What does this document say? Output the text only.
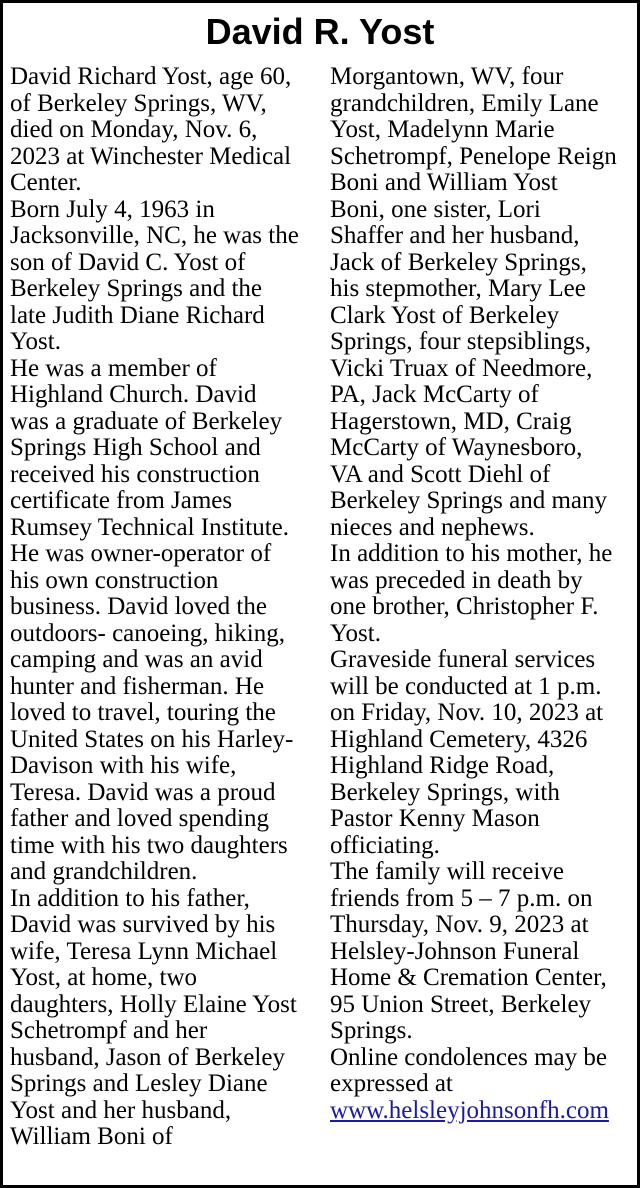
David R. Yost
David Richard Yost, age 60,
of Berkeley Springs, WV,
died on Monday, Nov. 6,
2023 at Winchester Medical
Center.
Born July 4, 1963 in
Jacksonville, NC, he was the
son of David C. Yost of
Berkeley Springs and the
late Judith Diane Richard
Yost.
He was a member of
Highland Church. David
was a graduate of Berkeley
Springs High School and
received his construction
certificate from James
Rumsey Technical Institute.
He was owner-operator of
his own construction
business. David loved the
outdoors- canoeing, hiking,
camping and was an avid
hunter and fisherman. He
loved to travel, touring the
United States on his Harley-
Davison with his wife,
Teresa. David was a proud
father and loved spending
time with his two daughters
and grandchildren.
In addition to his father,
David was survived by his
wife, Teresa Lynn Michael
Yost, at home, two
daughters, Holly Elaine Yost
Schetrompf and her
husband, Jason of Berkeley
Springs and Lesley Diane
Yost and her husband,
William Boni of
Morgantown, WV, four
grandchildren, Emily Lane
Yost, Madelynn Marie
Schetrompf, Penelope Reign
Boni and William Yost
Boni, one sister, Lori
Shaffer and her husband,
Jack of Berkeley Springs,
his stepmother, Mary Lee
Clark Yost of Berkeley
Springs, four stepsiblings,
Vicki Truax of Needmore,
PA, Jack McCarty of
Hagerstown, MD, Craig
McCarty of Waynesboro,
VA and Scott Diehl of
Berkeley Springs and many
nieces and nephews.
In addition to his mother, he
was preceded in death by
one brother, Christopher F.
Yost.
Graveside funeral services
will be conducted at 1 p.m.
on Friday, Nov. 10, 2023 at
Highland Cemetery, 4326
Highland Ridge Road,
Berkeley Springs, with
Pastor Kenny Mason
officiating.
The family will receive
friends from 5 – 7 p.m. on
Thursday, Nov. 9, 2023 at
Helsley-Johnson Funeral
Home & Cremation Center,
95 Union Street, Berkeley
Springs.
Online condolences may be
expressed at
www.helsleyjohnsonfh.com
